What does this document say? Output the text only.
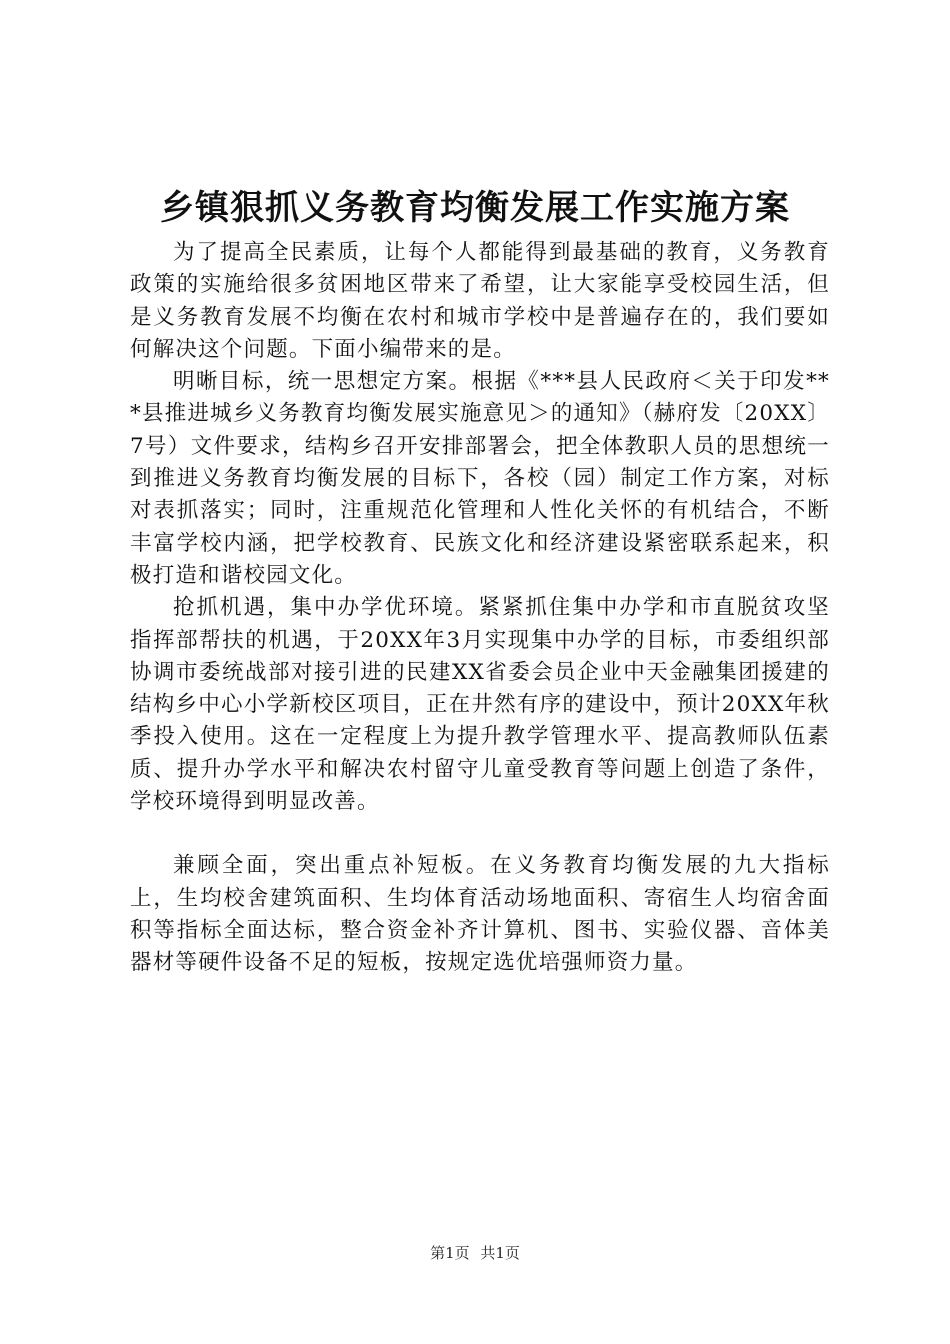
乡镇狠抓义务教育均衡发展工作实施方案

为了提高全民素质，让每个人都能得到最基础的教育，义务教育政策的实施给很多贫困地区带来了希望，让大家能享受校园生活，但是义务教育发展不均衡在农村和城市学校中是普遍存在的，我们要如何解决这个问题。下面小编带来的是。

明晰目标，统一思想定方案。根据《***县人民政府＜关于印发***县推进城乡义务教育均衡发展实施意见＞的通知》（赫府发〔20XX〕7号）文件要求，结构乡召开安排部署会，把全体教职人员的思想统一到推进义务教育均衡发展的目标下，各校（园）制定工作方案，对标对表抓落实；同时，注重规范化管理和人性化关怀的有机结合，不断丰富学校内涵，把学校教育、民族文化和经济建设紧密联系起来，积极打造和谐校园文化。

抢抓机遇，集中办学优环境。紧紧抓住集中办学和市直脱贫攻坚指挥部帮扶的机遇，于20XX年3月实现集中办学的目标，市委组织部协调市委统战部对接引进的民建XX省委会员企业中天金融集团援建的结构乡中心小学新校区项目，正在井然有序的建设中，预计20XX年秋季投入使用。这在一定程度上为提升教学管理水平、提高教师队伍素质、提升办学水平和解决农村留守儿童受教育等问题上创造了条件，学校环境得到明显改善。

兼顾全面，突出重点补短板。在义务教育均衡发展的九大指标上，生均校舍建筑面积、生均体育活动场地面积、寄宿生人均宿舍面积等指标全面达标，整合资金补齐计算机、图书、实验仪器、音体美器材等硬件设备不足的短板，按规定选优培强师资力量。

第1页 共1页
